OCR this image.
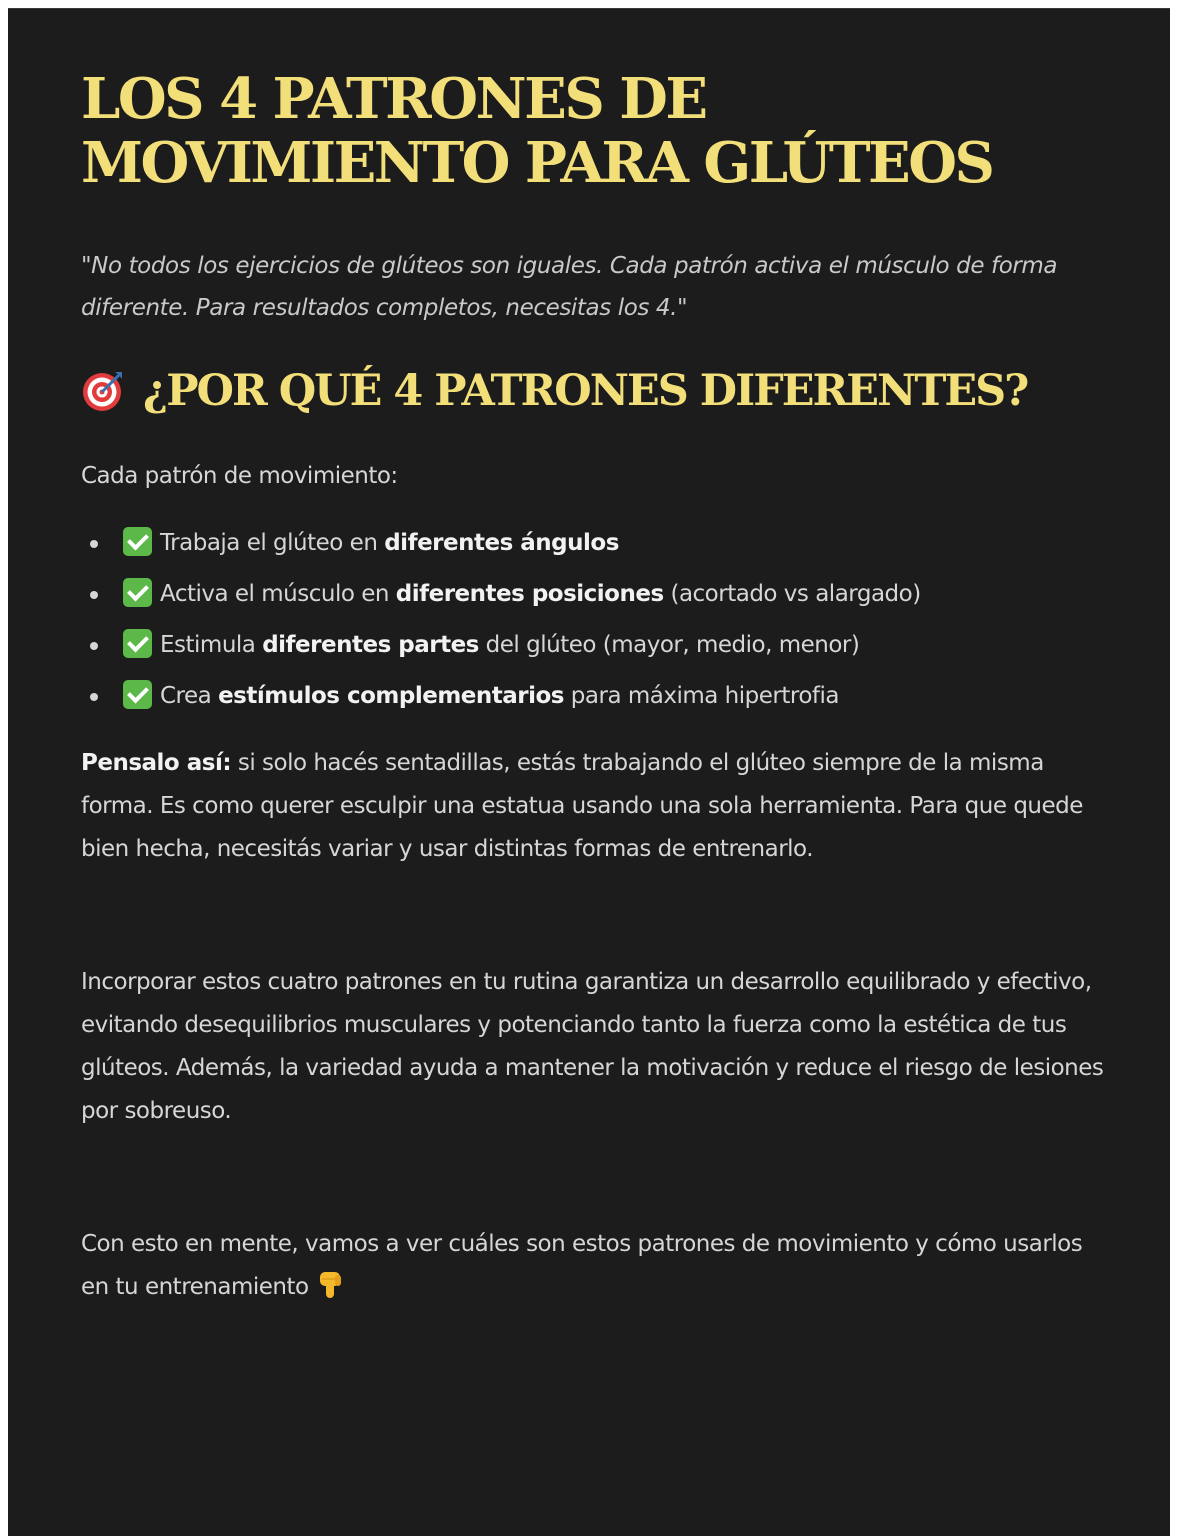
LOS 4 PATRONES DE MOVIMIENTO PARA GLÚTEOS

"No todos los ejercicios de glúteos son iguales. Cada patrón activa el músculo de forma diferente. Para resultados completos, necesitas los 4."

¿POR QUÉ 4 PATRONES DIFERENTES?

Cada patrón de movimiento:

Trabaja el glúteo en diferentes ángulos
Activa el músculo en diferentes posiciones (acortado vs alargado)
Estimula diferentes partes del glúteo (mayor, medio, menor)
Crea estímulos complementarios para máxima hipertrofia

Pensalo así: si solo hacés sentadillas, estás trabajando el glúteo siempre de la misma forma. Es como querer esculpir una estatua usando una sola herramienta. Para que quede bien hecha, necesitás variar y usar distintas formas de entrenarlo.

Incorporar estos cuatro patrones en tu rutina garantiza un desarrollo equilibrado y efectivo, evitando desequilibrios musculares y potenciando tanto la fuerza como la estética de tus glúteos. Además, la variedad ayuda a mantener la motivación y reduce el riesgo de lesiones por sobreuso.

Con esto en mente, vamos a ver cuáles son estos patrones de movimiento y cómo usarlos en tu entrenamiento
